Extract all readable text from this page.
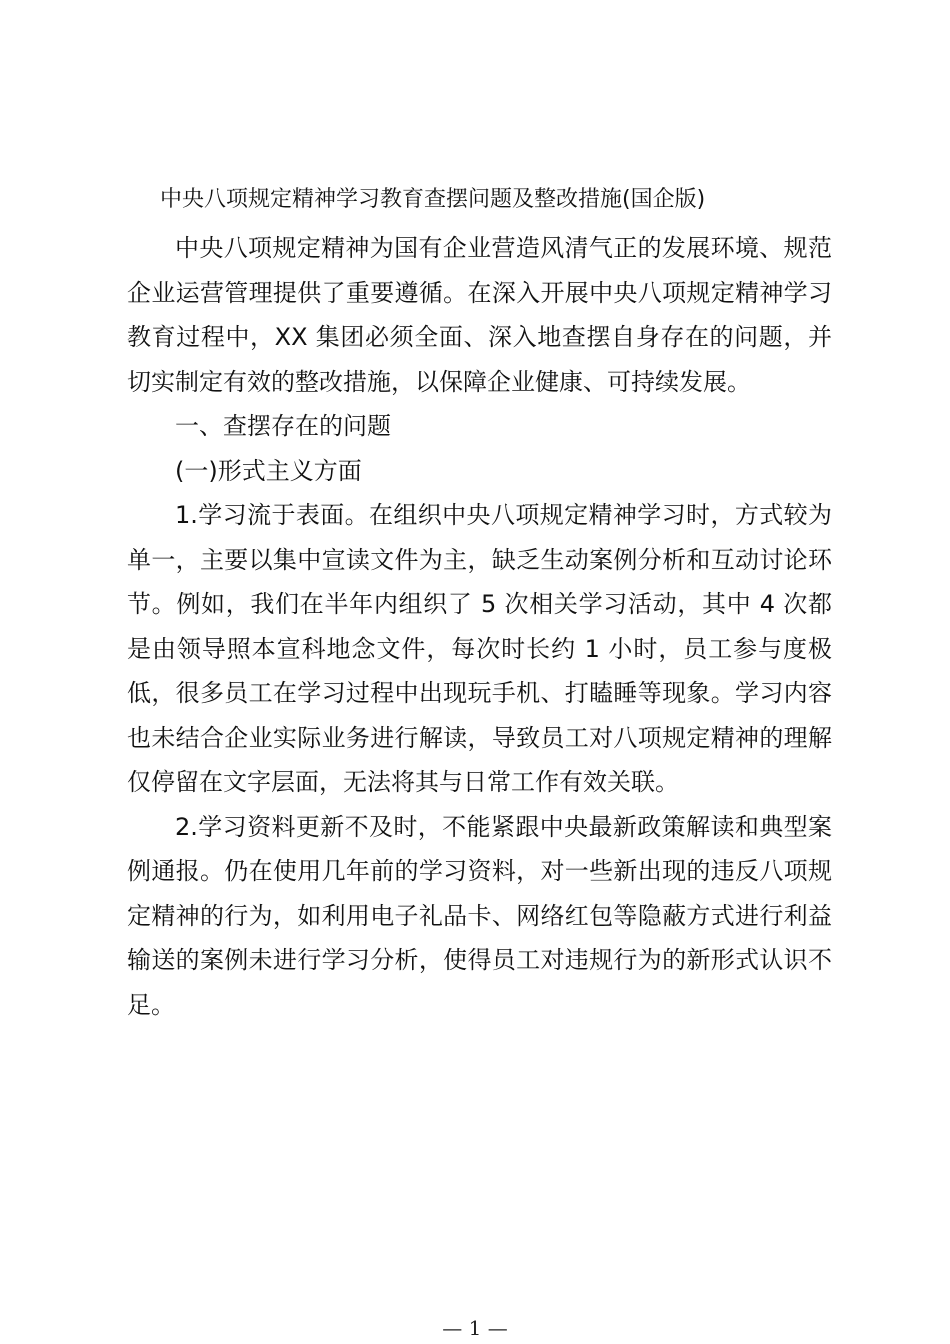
中央八项规定精神学习教育查摆问题及整改措施(国企版)

中央八项规定精神为国有企业营造风清气正的发展环境、规范企业运营管理提供了重要遵循。在深入开展中央八项规定精神学习教育过程中，XX 集团必须全面、深入地查摆自身存在的问题，并切实制定有效的整改措施，以保障企业健康、可持续发展。

一、查摆存在的问题

(一)形式主义方面

1.学习流于表面。在组织中央八项规定精神学习时，方式较为单一，主要以集中宣读文件为主，缺乏生动案例分析和互动讨论环节。例如，我们在半年内组织了 5 次相关学习活动，其中 4 次都是由领导照本宣科地念文件，每次时长约 1 小时，员工参与度极低，很多员工在学习过程中出现玩手机、打瞌睡等现象。学习内容也未结合企业实际业务进行解读，导致员工对八项规定精神的理解仅停留在文字层面，无法将其与日常工作有效关联。

2.学习资料更新不及时，不能紧跟中央最新政策解读和典型案例通报。仍在使用几年前的学习资料，对一些新出现的违反八项规定精神的行为，如利用电子礼品卡、网络红包等隐蔽方式进行利益输送的案例未进行学习分析，使得员工对违规行为的新形式认识不足。

— 1 —
